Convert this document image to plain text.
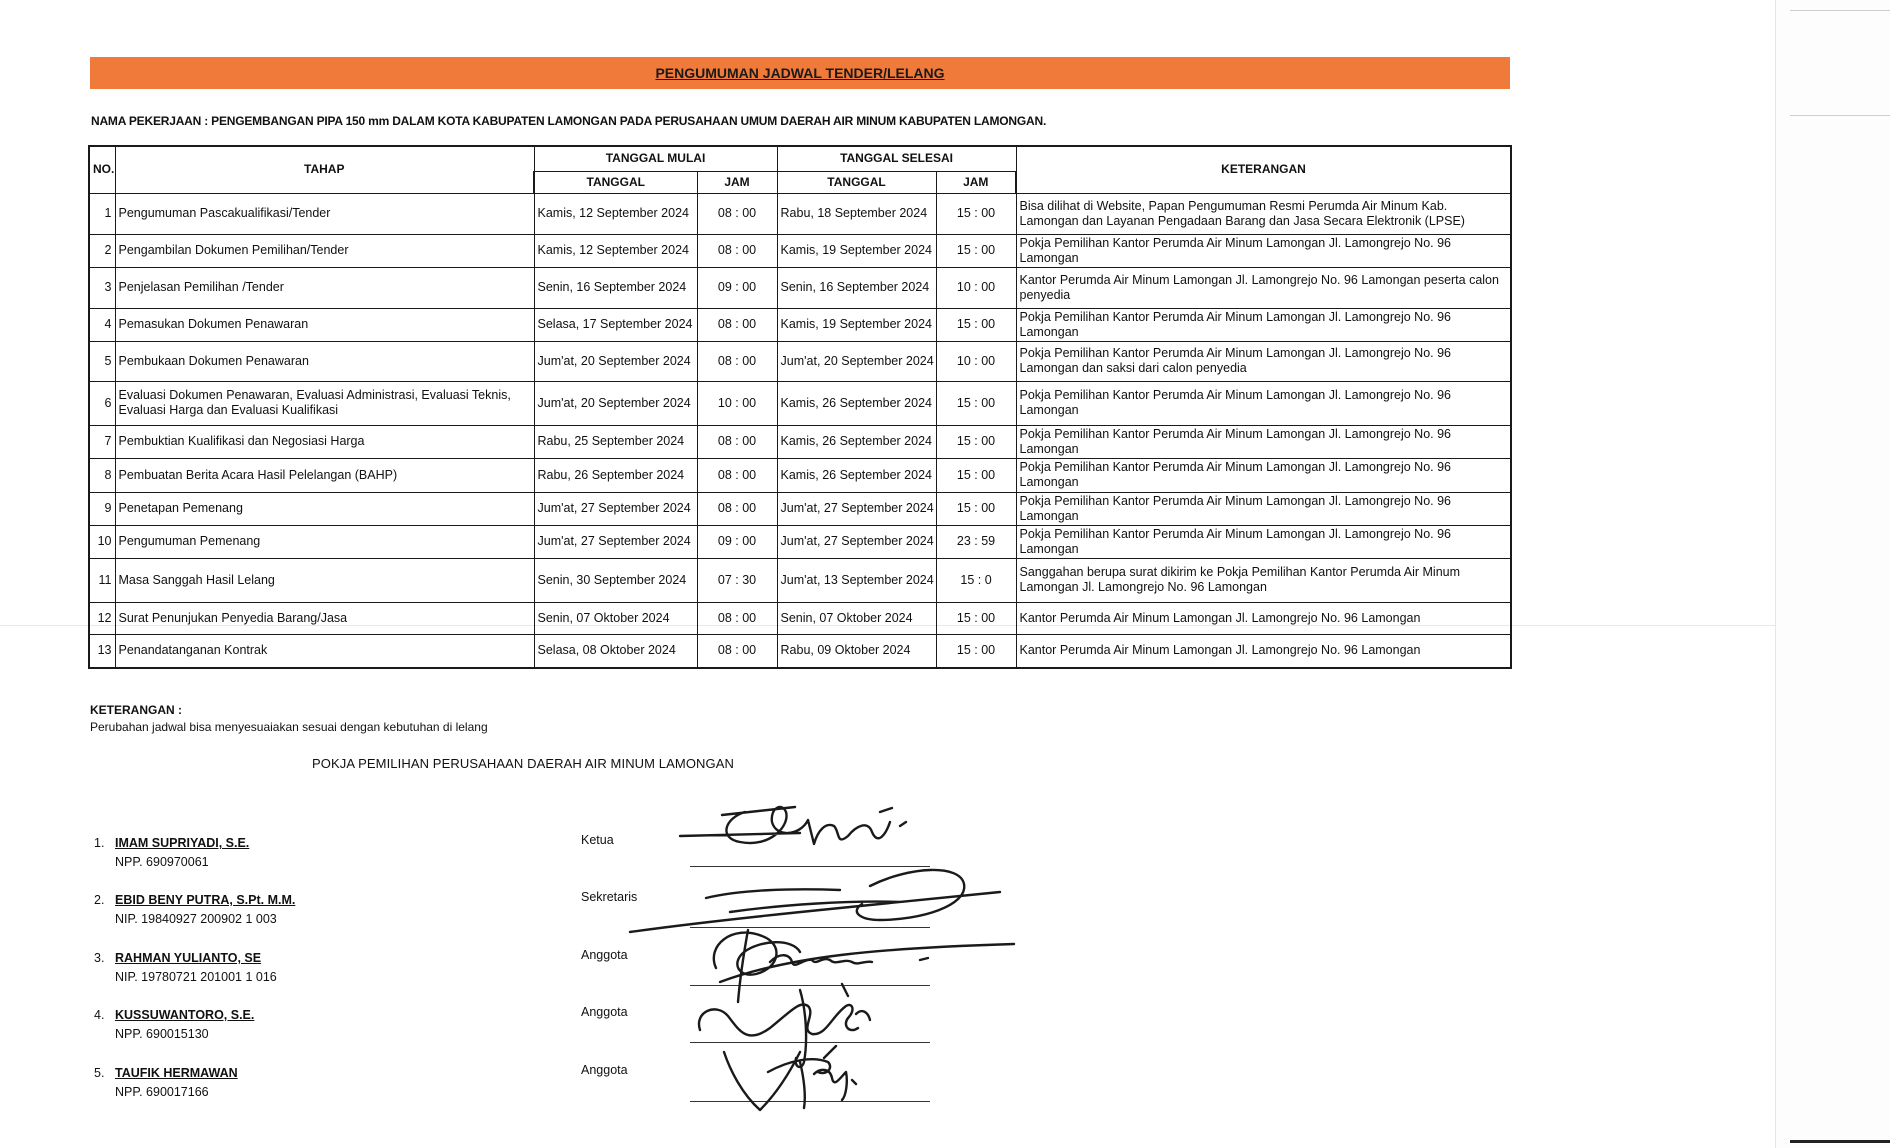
PENGUMUMAN JADWAL TENDER/LELANG
NAMA PEKERJAAN : PENGEMBANGAN PIPA 150 mm DALAM KOTA KABUPATEN LAMONGAN PADA PERUSAHAAN UMUM DAERAH AIR MINUM KABUPATEN LAMONGAN.
NO.	TAHAP	TANGGAL MULAI		TANGGAL SELESAI		KETERANGAN
		TANGGAL	JAM	TANGGAL	JAM	
1	Pengumuman Pascakualifikasi/Tender	Kamis, 12 September 2024	08 : 00	Rabu, 18 September 2024	15 : 00	Bisa dilihat di Website, Papan Pengumuman Resmi Perumda Air Minum Kab. Lamongan dan Layanan Pengadaan Barang dan Jasa Secara Elektronik (LPSE)
2	Pengambilan Dokumen Pemilihan/Tender	Kamis, 12 September 2024	08 : 00	Kamis, 19 September 2024	15 : 00	Pokja Pemilihan Kantor Perumda Air Minum Lamongan Jl. Lamongrejo No. 96 Lamongan
3	Penjelasan Pemilihan /Tender	Senin, 16 September 2024	09 : 00	Senin, 16 September 2024	10 : 00	Kantor Perumda Air Minum Lamongan Jl. Lamongrejo No. 96 Lamongan peserta calon penyedia
4	Pemasukan Dokumen Penawaran	Selasa, 17 September 2024	08 : 00	Kamis, 19 September 2024	15 : 00	Pokja Pemilihan Kantor Perumda Air Minum Lamongan Jl. Lamongrejo No. 96 Lamongan
5	Pembukaan Dokumen Penawaran	Jum'at, 20 September 2024	08 : 00	Jum'at, 20 September 2024	10 : 00	Pokja Pemilihan Kantor Perumda Air Minum Lamongan Jl. Lamongrejo No. 96 Lamongan dan saksi dari calon penyedia
6	Evaluasi Dokumen Penawaran, Evaluasi Administrasi, Evaluasi Teknis, Evaluasi Harga dan Evaluasi Kualifikasi	Jum'at, 20 September 2024	10 : 00	Kamis, 26 September 2024	15 : 00	Pokja Pemilihan Kantor Perumda Air Minum Lamongan Jl. Lamongrejo No. 96 Lamongan
7	Pembuktian Kualifikasi dan Negosiasi Harga	Rabu, 25 September 2024	08 : 00	Kamis, 26 September 2024	15 : 00	Pokja Pemilihan Kantor Perumda Air Minum Lamongan Jl. Lamongrejo No. 96 Lamongan
8	Pembuatan Berita Acara Hasil Pelelangan (BAHP)	Rabu, 26 September 2024	08 : 00	Kamis, 26 September 2024	15 : 00	Pokja Pemilihan Kantor Perumda Air Minum Lamongan Jl. Lamongrejo No. 96 Lamongan
9	Penetapan Pemenang	Jum'at, 27 September 2024	08 : 00	Jum'at, 27 September 2024	15 : 00	Pokja Pemilihan Kantor Perumda Air Minum Lamongan Jl. Lamongrejo No. 96 Lamongan
10	Pengumuman Pemenang	Jum'at, 27 September 2024	09 : 00	Jum'at, 27 September 2024	23 : 59	Pokja Pemilihan Kantor Perumda Air Minum Lamongan Jl. Lamongrejo No. 96 Lamongan
11	Masa Sanggah Hasil Lelang	Senin, 30 September 2024	07 : 30	Jum'at, 13 September 2024	15 : 0	Sanggahan berupa surat dikirim ke Pokja Pemilihan Kantor Perumda Air Minum Lamongan Jl. Lamongrejo No. 96 Lamongan
12	Surat Penunjukan Penyedia Barang/Jasa	Senin, 07 Oktober 2024	08 : 00	Senin, 07 Oktober 2024	15 : 00	Kantor Perumda Air Minum Lamongan Jl. Lamongrejo No. 96 Lamongan
13	Penandatanganan Kontrak	Selasa, 08 Oktober 2024	08 : 00	Rabu, 09 Oktober 2024	15 : 00	Kantor Perumda Air Minum Lamongan Jl. Lamongrejo No. 96 Lamongan
KETERANGAN :
Perubahan jadwal bisa menyesuaiakan sesuai dengan kebutuhan di lelang
POKJA PEMILIHAN PERUSAHAAN DAERAH AIR MINUM LAMONGAN
1. IMAM SUPRIYADI, S.E.
NPP. 690970061
Ketua
2. EBID BENY PUTRA, S.Pt. M.M.
NIP. 19840927 200902 1 003
Sekretaris
3. RAHMAN YULIANTO, SE
NIP. 19780721 201001 1 016
Anggota
4. KUSSUWANTORO, S.E.
NPP. 690015130
Anggota
5. TAUFIK HERMAWAN
NPP. 690017166
Anggota
